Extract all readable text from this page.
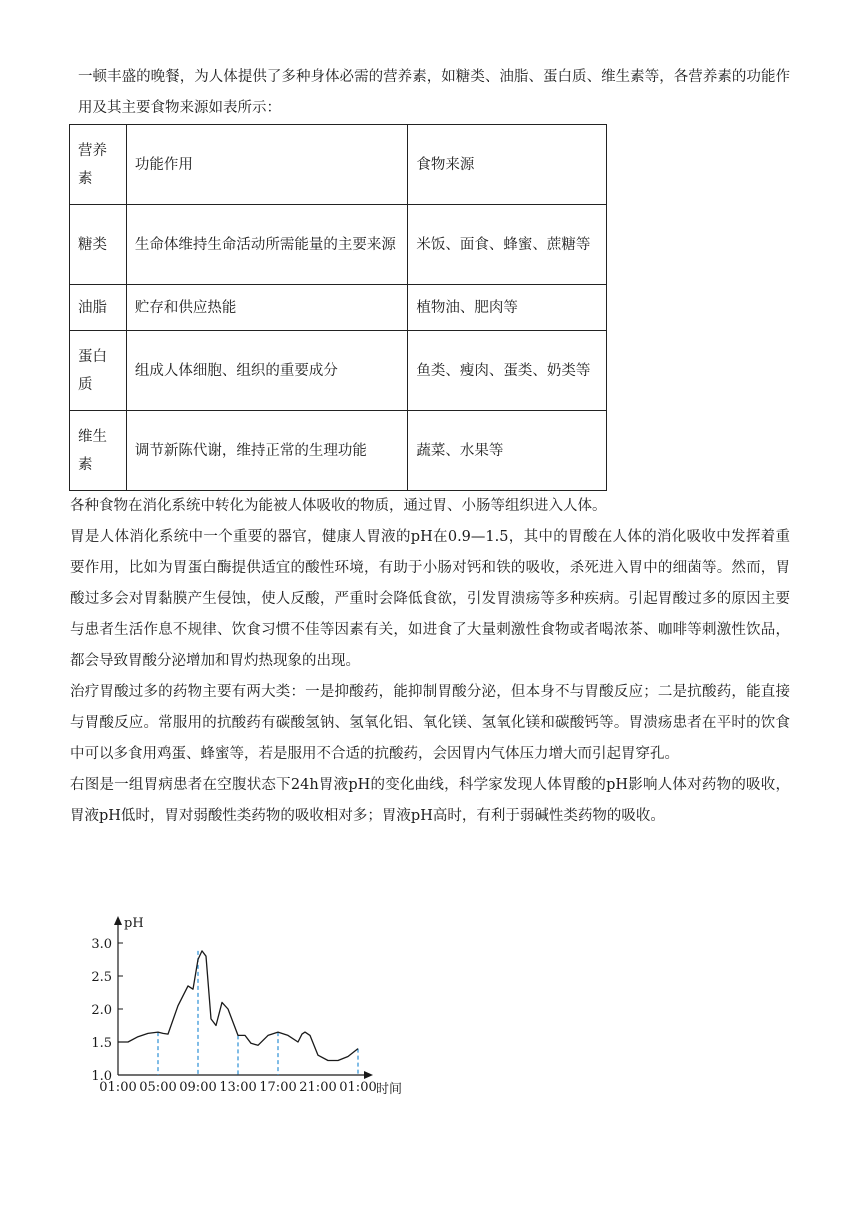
一顿丰盛的晚餐，为人体提供了多种身体必需的营养素，如糖类、油脂、蛋白质、维生素等，各营养素的功能作用及其主要食物来源如表所示：

营养素	功能作用	食物来源
糖类	生命体维持生命活动所需能量的主要来源	米饭、面食、蜂蜜、蔗糖等
油脂	贮存和供应热能	植物油、肥肉等
蛋白质	组成人体细胞、组织的重要成分	鱼类、瘦肉、蛋类、奶类等
维生素	调节新陈代谢，维持正常的生理功能	蔬菜、水果等

各种食物在消化系统中转化为能被人体吸收的物质，通过胃、小肠等组织进入人体。

胃是人体消化系统中一个重要的器官，健康人胃液的pH在0.9—1.5，其中的胃酸在人体的消化吸收中发挥着重要作用，比如为胃蛋白酶提供适宜的酸性环境，有助于小肠对钙和铁的吸收，杀死进入胃中的细菌等。然而，胃酸过多会对胃黏膜产生侵蚀，使人反酸，严重时会降低食欲，引发胃溃疡等多种疾病。引起胃酸过多的原因主要与患者生活作息不规律、饮食习惯不佳等因素有关，如进食了大量刺激性食物或者喝浓茶、咖啡等刺激性饮品，都会导致胃酸分泌增加和胃灼热现象的出现。

治疗胃酸过多的药物主要有两大类：一是抑酸药，能抑制胃酸分泌，但本身不与胃酸反应；二是抗酸药，能直接与胃酸反应。常服用的抗酸药有碳酸氢钠、氢氧化铝、氧化镁、氢氧化镁和碳酸钙等。胃溃疡患者在平时的饮食中可以多食用鸡蛋、蜂蜜等，若是服用不合适的抗酸药，会因胃内气体压力增大而引起胃穿孔。

右图是一组胃病患者在空腹状态下24h胃液pH的变化曲线，科学家发现人体胃酸的pH影响人体对药物的吸收，胃液pH低时，胃对弱酸性类药物的吸收相对多；胃液pH高时，有利于弱碱性类药物的吸收。

1.0
1.5
2.0
2.5
3.0
01:00 05:00 09:00 13:00 17:00 21:00 01:00
pH
时间
